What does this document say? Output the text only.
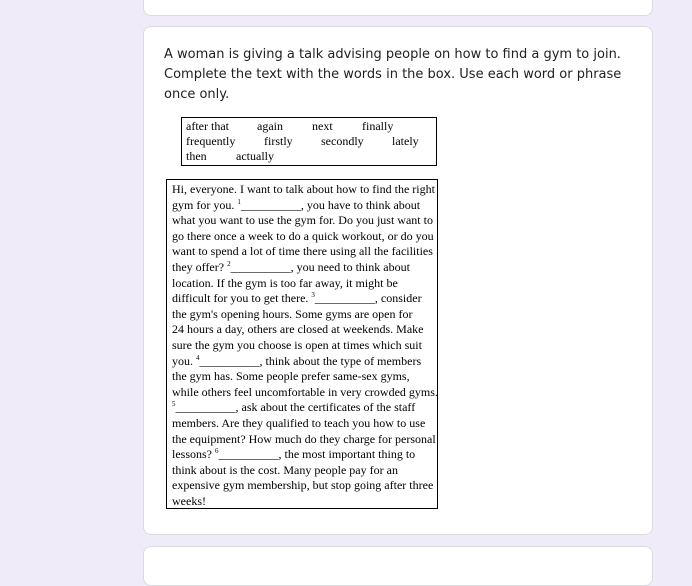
A woman is giving a talk advising people on how to find a gym to join. Complete the text with the words in the box. Use each word or phrase once only.

after that again next finally
frequently firstly secondly lately
then actually
Hi, everyone. I want to talk about how to find the right
gym for you. $^1$__________, you have to think about
what you want to use the gym for. Do you just want to
go there once a week to do a quick workout, or do you
want to spend a lot of time there using all the facilities
they offer? $^2$__________, you need to think about
location. If the gym is too far away, it might be
difficult for you to get there. $^3$__________, consider
the gym's opening hours. Some gyms are open for
24 hours a day, others are closed at weekends. Make
sure the gym you choose is open at times which suit
you. $^4$__________, think about the type of members
the gym has. Some people prefer same-sex gyms,
while others feel uncomfortable in very crowded gyms.
$^5$__________, ask about the certificates of the staff
members. Are they qualified to teach you how to use
the equipment? How much do they charge for personal
lessons? $^6$__________, the most important thing to
think about is the cost. Many people pay for an
expensive gym membership, but stop going after three
weeks!
